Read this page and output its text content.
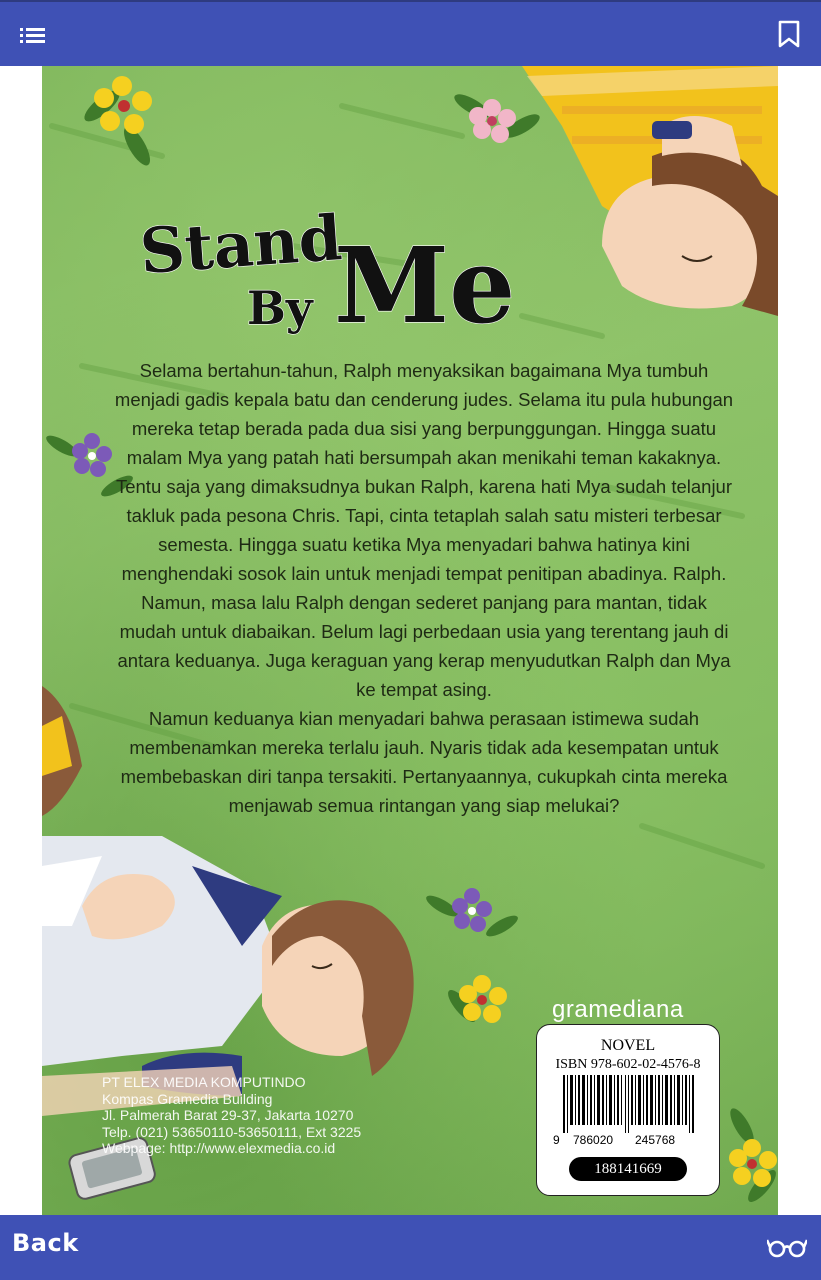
Stand
By Me

Selama bertahun-tahun, Ralph menyaksikan bagaimana Mya tumbuh menjadi gadis kepala batu dan cenderung judes. Selama itu pula hubungan mereka tetap berada pada dua sisi yang berpunggungan. Hingga suatu malam Mya yang patah hati bersumpah akan menikahi teman kakaknya. Tentu saja yang dimaksudnya bukan Ralph, karena hati Mya sudah telanjur takluk pada pesona Chris. Tapi, cinta tetaplah salah satu misteri terbesar semesta. Hingga suatu ketika Mya menyadari bahwa hatinya kini menghendaki sosok lain untuk menjadi tempat penitipan abadinya. Ralph.

Namun, masa lalu Ralph dengan sederet panjang para mantan, tidak mudah untuk diabaikan. Belum lagi perbedaan usia yang terentang jauh di antara keduanya. Juga keraguan yang kerap menyudutkan Ralph dan Mya ke tempat asing.

Namun keduanya kian menyadari bahwa perasaan istimewa sudah membenamkan mereka terlalu jauh. Nyaris tidak ada kesempatan untuk membebaskan diri tanpa tersakiti. Pertanyaannya, cukupkah cinta mereka menjawab semua rintangan yang siap melukai?

PT ELEX MEDIA KOMPUTINDO
Kompas Gramedia Building
Jl. Palmerah Barat 29-37, Jakarta 10270
Telp. (021) 53650110-53650111, Ext 3225
Webpage: http://www.elexmedia.co.id
gramediana
NOVEL
ISBN 978-602-02-4576-8
9 786020 245768
188141669
Back
